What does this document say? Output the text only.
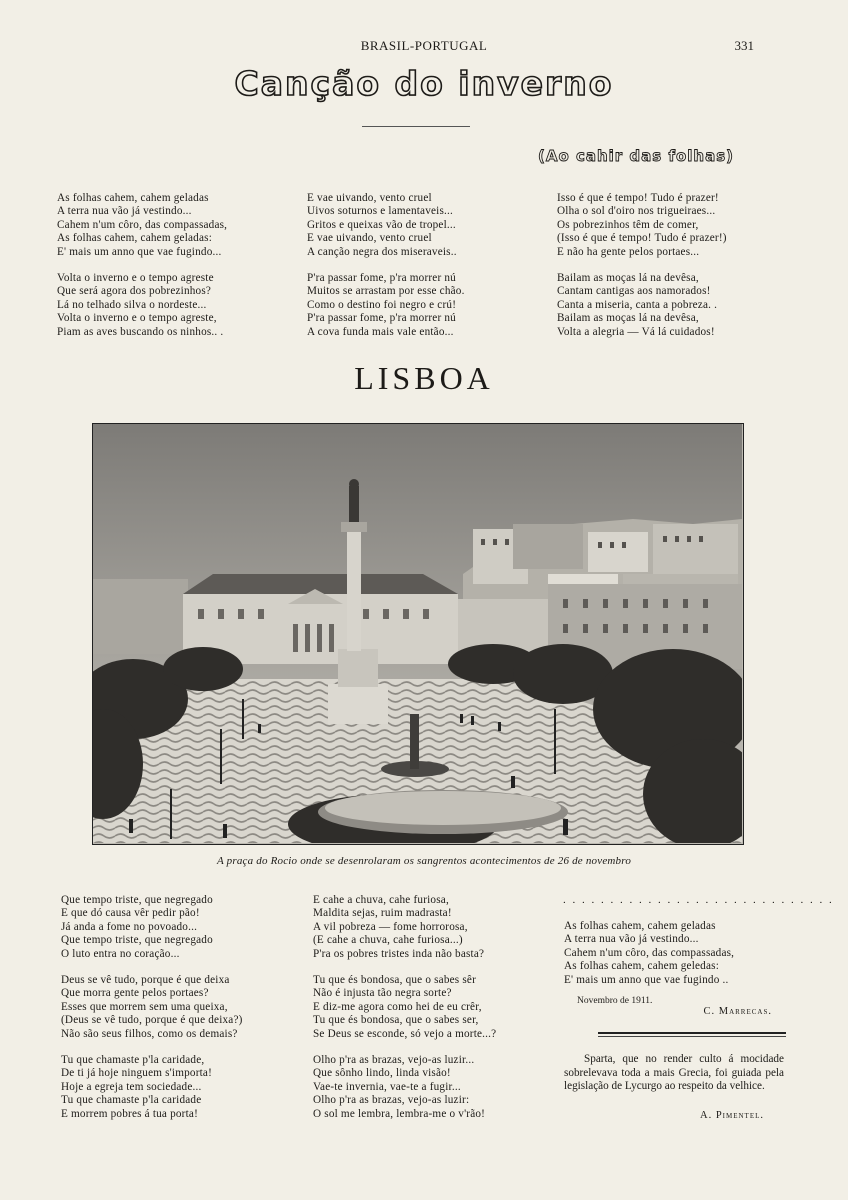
BRASIL-PORTUGAL	331
Canção do inverno
(Ao cahir das folhas)
As folhas cahem, cahem geladas
A terra nua vão já vestindo...
Cahem n'um côro, das compassadas,
As folhas cahem, cahem geladas:
E' mais um anno que vae fugindo...
Volta o inverno e o tempo agreste
Que será agora dos pobrezinhos?
Lá no telhado silva o nordeste...
Volta o inverno e o tempo agreste,
Piam as aves buscando os ninhos.. .
E vae uivando, vento cruel
Uivos soturnos e lamentaveis...
Gritos e queixas vão de tropel...
E vae uivando, vento cruel
A canção negra dos miseraveis..
P'ra passar fome, p'ra morrer nú
Muitos se arrastam por esse chão.
Como o destino foi negro e crú!
P'ra passar fome, p'ra morrer nú
A cova funda mais vale então...
Isso é que é tempo! Tudo é prazer!
Olha o sol d'oiro nos trigueiraes...
Os pobrezinhos têm de comer,
(Isso é que é tempo! Tudo é prazer!)
E não ha gente pelos portaes...
Bailam as moças lá na devêsa,
Cantam cantigas aos namorados!
Canta a miseria, canta a pobreza. .
Bailam as moças lá na devêsa,
Volta a alegria — Vá lá cuidados!
LISBOA
A praça do Rocio onde se desenrolaram os sangrentos acontecimentos de 26 de novembro
Que tempo triste, que negregado
E que dó causa vêr pedir pão!
Já anda a fome no povoado...
Que tempo triste, que negregado
O luto entra no coração...
Deus se vê tudo, porque é que deixa
Que morra gente pelos portaes?
Esses que morrem sem uma queixa,
(Deus se vê tudo, porque é que deixa?)
Não são seus filhos, como os demais?
Tu que chamaste p'la caridade,
De ti já hoje ninguem s'importa!
Hoje a egreja tem sociedade...
Tu que chamaste p'la caridade
E morrem pobres á tua porta!
E cahe a chuva, cahe furiosa,
Maldita sejas, ruim madrasta!
A vil pobreza — fome horrorosa,
(E cahe a chuva, cahe furiosa...)
P'ra os pobres tristes inda não basta?
Tu que és bondosa, que o sabes sêr
Não é injusta tão negra sorte?
E diz-me agora como hei de eu crêr,
Tu que és bondosa, que o sabes ser,
Se Deus se esconde, só vejo a morte...?
Olho p'ra as brazas, vejo-as luzir...
Que sônho lindo, linda visão!
Vae-te invernia, vae-te a fugir...
Olho p'ra as brazas, vejo-as luzir:
O sol me lembra, lembra-me o v'rão!
. . . . . . . . . . . . . . . . . . . . . . . . . . . . .
As folhas cahem, cahem geladas
A terra nua vão já vestindo...
Cahem n'um côro, das compassadas,
As folhas cahem, cahem geledas:
E' mais um anno que vae fugindo ..
Novembro de 1911.
C. Marrecas.
Sparta, que no render culto á mocidade sobrelevava toda a mais Grecia, foi guiada pela legislação de Lycurgo ao respeito da velhice.
A. Pimentel.
